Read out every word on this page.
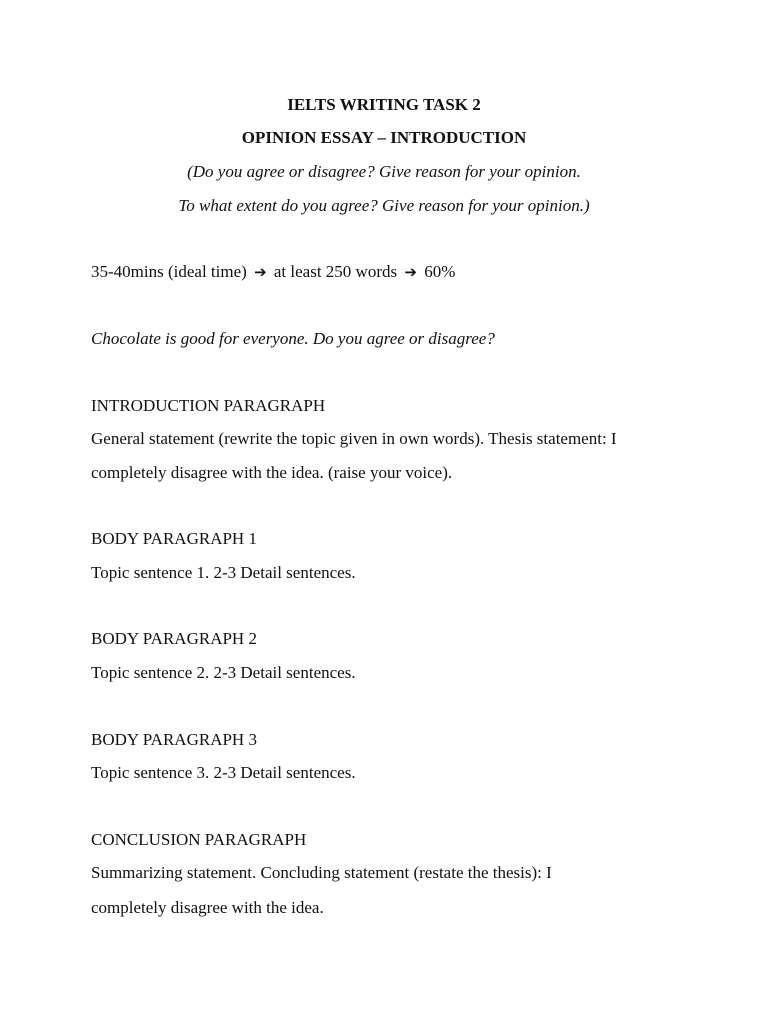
IELTS WRITING TASK 2
OPINION ESSAY – INTRODUCTION
(Do you agree or disagree? Give reason for your opinion.
To what extent do you agree? Give reason for your opinion.)
35-40mins (ideal time) ➔ at least 250 words ➔ 60%
Chocolate is good for everyone. Do you agree or disagree?
INTRODUCTION PARAGRAPH
General statement (rewrite the topic given in own words). Thesis statement: I
completely disagree with the idea. (raise your voice).
BODY PARAGRAPH 1
Topic sentence 1. 2-3 Detail sentences.
BODY PARAGRAPH 2
Topic sentence 2. 2-3 Detail sentences.
BODY PARAGRAPH 3
Topic sentence 3. 2-3 Detail sentences.
CONCLUSION PARAGRAPH
Summarizing statement. Concluding statement (restate the thesis): I
completely disagree with the idea.
